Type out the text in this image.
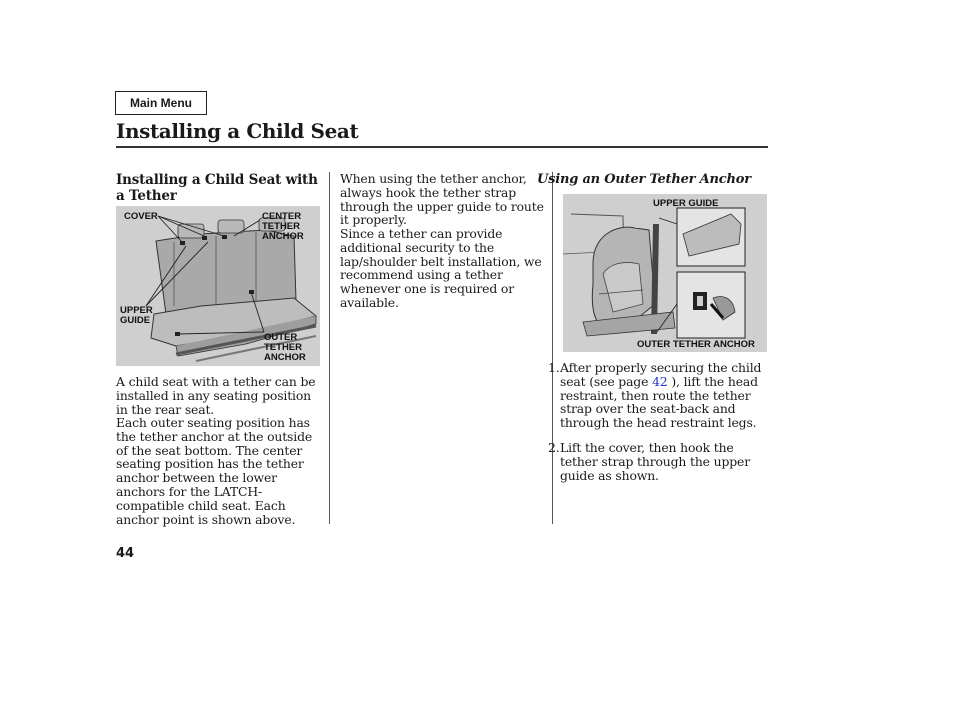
Main Menu
Installing a Child Seat
Installing a Child Seat with a Tether
COVER	CENTER
TETHER
ANCHOR
UPPER
GUIDE
OUTER
TETHER
ANCHOR

A child seat with a tether can be installed in any seating position in the rear seat.

Each outer seating position has the tether anchor at the outside of the seat bottom. The center seating position has the tether anchor between the lower anchors for the LATCH-compatible child seat. Each anchor point is shown above.

When using the tether anchor, always hook the tether strap through the upper guide to route it properly.

Since a tether can provide additional security to the lap/shoulder belt installation, we recommend using a tether whenever one is required or available.

Using an Outer Tether Anchor
UPPER GUIDE
OUTER TETHER ANCHOR
1. After properly securing the child seat (see page 42 ), lift the head restraint, then route the tether strap over the seat-back and through the head restraint legs.
2. Lift the cover, then hook the tether strap through the upper guide as shown.
44
